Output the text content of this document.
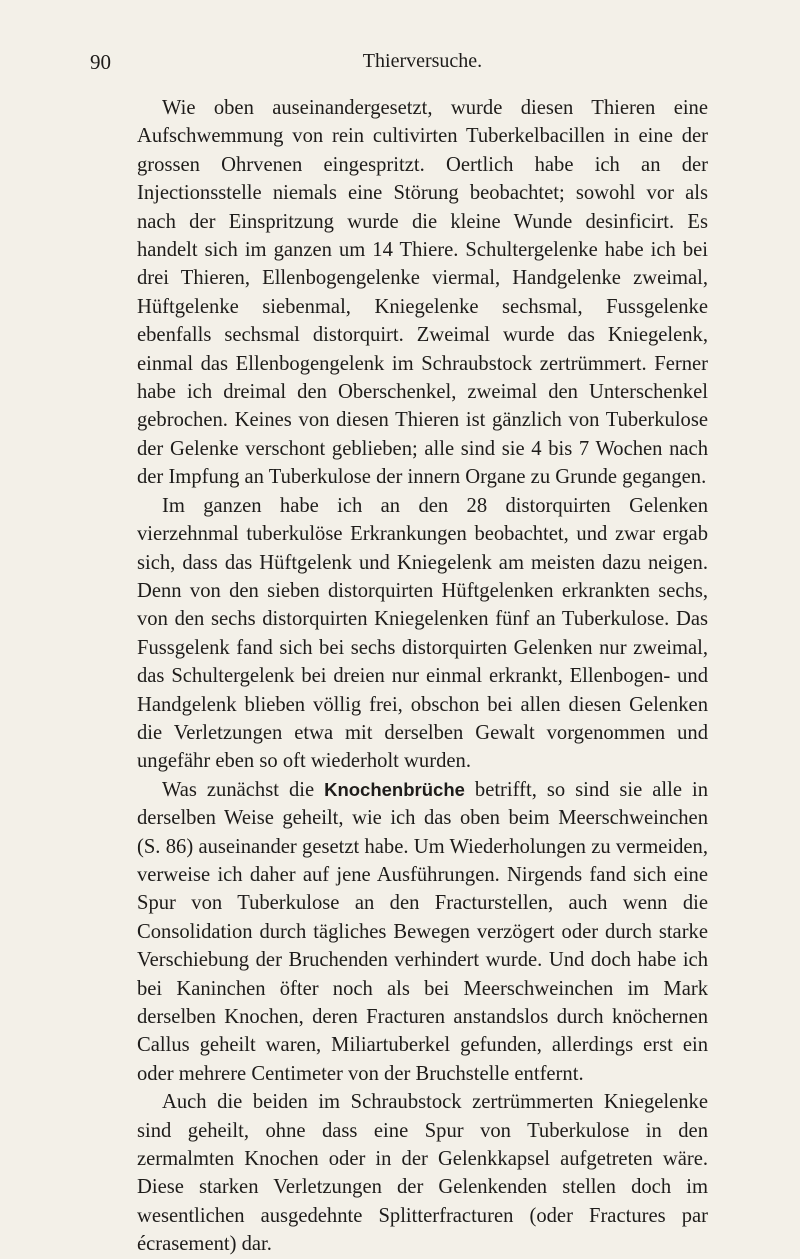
90	Thierversuche.

Wie oben auseinandergesetzt, wurde diesen Thieren eine Aufschwemmung von rein cultivirten Tuberkelbacillen in eine der grossen Ohrvenen eingespritzt. Oertlich habe ich an der Injectionsstelle niemals eine Störung beobachtet; sowohl vor als nach der Einspritzung wurde die kleine Wunde desinficirt. Es handelt sich im ganzen um 14 Thiere. Schultergelenke habe ich bei drei Thieren, Ellenbogengelenke viermal, Handgelenke zweimal, Hüftgelenke siebenmal, Kniegelenke sechsmal, Fussgelenke ebenfalls sechsmal distorquirt. Zweimal wurde das Kniegelenk, einmal das Ellenbogengelenk im Schraubstock zertrümmert. Ferner habe ich dreimal den Oberschenkel, zweimal den Unterschenkel gebrochen. Keines von diesen Thieren ist gänzlich von Tuberkulose der Gelenke verschont geblieben; alle sind sie 4 bis 7 Wochen nach der Impfung an Tuberkulose der innern Organe zu Grunde gegangen.

Im ganzen habe ich an den 28 distorquirten Gelenken vierzehnmal tuberkulöse Erkrankungen beobachtet, und zwar ergab sich, dass das Hüftgelenk und Kniegelenk am meisten dazu neigen. Denn von den sieben distorquirten Hüftgelenken erkrankten sechs, von den sechs distorquirten Kniegelenken fünf an Tuberkulose. Das Fussgelenk fand sich bei sechs distorquirten Gelenken nur zweimal, das Schultergelenk bei dreien nur einmal erkrankt, Ellenbogen- und Handgelenk blieben völlig frei, obschon bei allen diesen Gelenken die Verletzungen etwa mit derselben Gewalt vorgenommen und ungefähr eben so oft wiederholt wurden.

Was zunächst die Knochenbrüche betrifft, so sind sie alle in derselben Weise geheilt, wie ich das oben beim Meerschweinchen (S. 86) auseinander gesetzt habe. Um Wiederholungen zu vermeiden, verweise ich daher auf jene Ausführungen. Nirgends fand sich eine Spur von Tuberkulose an den Fracturstellen, auch wenn die Consolidation durch tägliches Bewegen verzögert oder durch starke Verschiebung der Bruchenden verhindert wurde. Und doch habe ich bei Kaninchen öfter noch als bei Meerschweinchen im Mark derselben Knochen, deren Fracturen anstandslos durch knöchernen Callus geheilt waren, Miliartuberkel gefunden, allerdings erst ein oder mehrere Centimeter von der Bruchstelle entfernt.

Auch die beiden im Schraubstock zertrümmerten Kniegelenke sind geheilt, ohne dass eine Spur von Tuberkulose in den zermalmten Knochen oder in der Gelenkkapsel aufgetreten wäre. Diese starken Verletzungen der Gelenkenden stellen doch im wesentlichen ausgedehnte Splitterfracturen (oder Fractures par écrasement) dar.
